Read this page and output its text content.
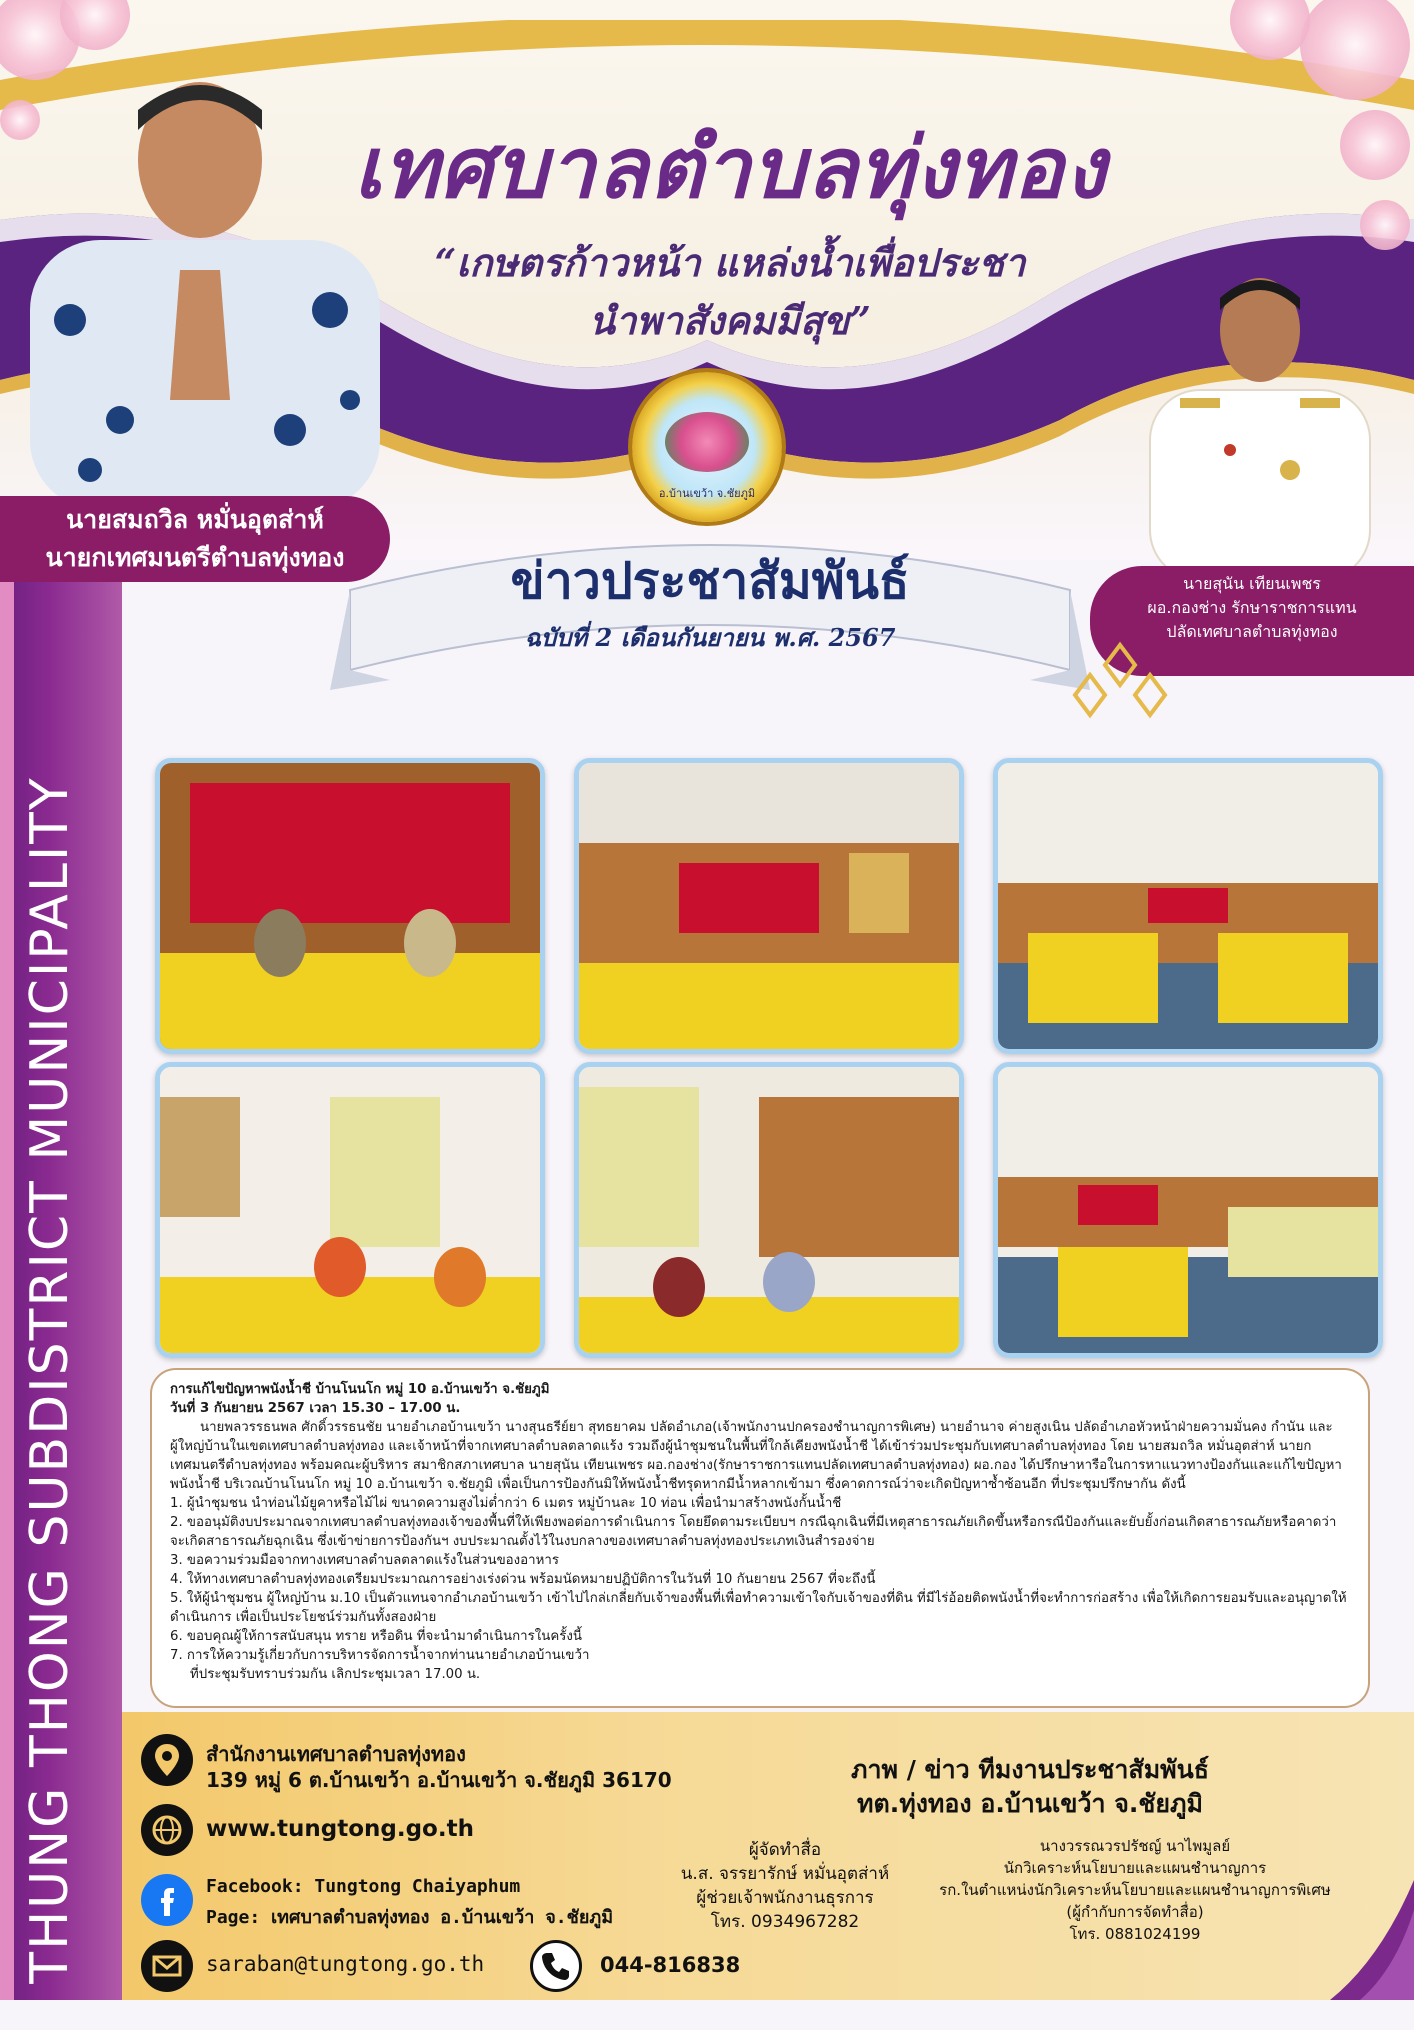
เทศบาลตำบลทุ่งทอง
“เกษตรก้าวหน้า แหล่งน้ำเพื่อประชา
นำพาสังคมมีสุข”
อ.บ้านเขว้า จ.ชัยภูมิ
นายสมถวิล หมั่นอุตส่าห์
นายกเทศมนตรีตำบลทุ่งทอง
นายสุนัน เทียนเพชร
ผอ.กองช่าง รักษาราชการแทน
ปลัดเทศบาลตำบลทุ่งทอง
ข่าวประชาสัมพันธ์
ฉบับที่ 2 เดือนกันยายน พ.ศ. 2567
THUNG THONG SUBDISTRICT MUNICIPALITY	การแก้ไขปัญหาพนังน้ำชี บ้านโนนโก หมู่ 10 อ.บ้านเขว้า จ.ชัยภูมิ

วันที่ 3 กันยายน 2567 เวลา 15.30 – 17.00 น.

นายพลวรรธนพล ศักดิ์วรรธนชัย นายอำเภอบ้านเขว้า นางสุนธรีย์ยา สุทธยาคม ปลัดอำเภอ(เจ้าพนักงานปกครองชำนาญการพิเศษ) นายอำนาจ ค่ายสูงเนิน ปลัดอำเภอหัวหน้าฝ่ายความมั่นคง กำนัน และผู้ใหญ่บ้านในเขตเทศบาลตำบลทุ่งทอง และเจ้าหน้าที่จากเทศบาลตำบลตลาดแร้ง รวมถึงผู้นำชุมชนในพื้นที่ใกล้เคียงพนังน้ำชี ได้เข้าร่วมประชุมกับเทศบาลตำบลทุ่งทอง โดย นายสมถวิล หมั่นอุตส่าห์ นายกเทศมนตรีตำบลทุ่งทอง พร้อมคณะผู้บริหาร สมาชิกสภาเทศบาล นายสุนัน เทียนเพชร ผอ.กองช่าง(รักษาราชการแทนปลัดเทศบาลตำบลทุ่งทอง) ผอ.กอง ได้ปรึกษาหารือในการหาแนวทางป้องกันและแก้ไขปัญหาพนังน้ำชี บริเวณบ้านโนนโก หมู่ 10 อ.บ้านเขว้า จ.ชัยภูมิ เพื่อเป็นการป้องกันมิให้พนังน้ำชีทรุดหากมีน้ำหลากเข้ามา ซึ่งคาดการณ์ว่าจะเกิดปัญหาซ้ำซ้อนอีก ที่ประชุมปรึกษากัน ดังนี้

1. ผู้นำชุมชน นำท่อนไม้ยูคาหรือไม้ไผ่ ขนาดความสูงไม่ต่ำกว่า 6 เมตร หมู่บ้านละ 10 ท่อน เพื่อนำมาสร้างพนังกั้นน้ำชี

2. ขออนุมัติงบประมาณจากเทศบาลตำบลทุ่งทองเจ้าของพื้นที่ให้เพียงพอต่อการดำเนินการ โดยยึดตามระเบียบฯ กรณีฉุกเฉินที่มีเหตุสาธารณภัยเกิดขึ้นหรือกรณีป้องกันและยับยั้งก่อนเกิดสาธารณภัยหรือคาดว่าจะเกิดสาธารณภัยฉุกเฉิน ซึ่งเข้าข่ายการป้องกันฯ งบประมาณตั้งไว้ในงบกลางของเทศบาลตำบลทุ่งทองประเภทเงินสำรองจ่าย

3. ขอความร่วมมือจากทางเทศบาลตำบลตลาดแร้งในส่วนของอาหาร

4. ให้ทางเทศบาลตำบลทุ่งทองเตรียมประมาณการอย่างเร่งด่วน พร้อมนัดหมายปฏิบัติการในวันที่ 10 กันยายน 2567 ที่จะถึงนี้

5. ให้ผู้นำชุมชน ผู้ใหญ่บ้าน ม.10 เป็นตัวแทนจากอำเภอบ้านเขว้า เข้าไปไกล่เกลี่ยกับเจ้าของพื้นที่เพื่อทำความเข้าใจกับเจ้าของที่ดิน ที่มีไร่อ้อยติดพนังน้ำที่จะทำการก่อสร้าง เพื่อให้เกิดการยอมรับและอนุญาตให้ดำเนินการ เพื่อเป็นประโยชน์ร่วมกันทั้งสองฝ่าย

6. ขอบคุณผู้ให้การสนับสนุน ทราย หรือดิน ที่จะนำมาดำเนินการในครั้งนี้

7. การให้ความรู้เกี่ยวกับการบริหารจัดการน้ำจากท่านนายอำเภอบ้านเขว้า

ที่ประชุมรับทราบร่วมกัน เลิกประชุมเวลา 17.00 น.

สำนักงานเทศบาลตำบลทุ่งทอง
139 หมู่ 6 ต.บ้านเขว้า อ.บ้านเขว้า จ.ชัยภูมิ 36170
www.tungtong.go.th
Facebook: Tungtong Chaiyaphum
Page: เทศบาลตำบลทุ่งทอง อ.บ้านเขว้า จ.ชัยภูมิ
saraban@tungtong.go.th	044-816838
ภาพ / ข่าว ทีมงานประชาสัมพันธ์
ทต.ทุ่งทอง อ.บ้านเขว้า จ.ชัยภูมิ
ผู้จัดทำสื่อ
น.ส. จรรยารักษ์ หมั่นอุตส่าห์
ผู้ช่วยเจ้าพนักงานธุรการ
โทร. 0934967282
นางวรรณวรปรัชญ์ นาไพมูลย์
นักวิเคราะห์นโยบายและแผนชำนาญการ
รก.ในตำแหน่งนักวิเคราะห์นโยบายและแผนชำนาญการพิเศษ
(ผู้กำกับการจัดทำสื่อ)
โทร. 0881024199
